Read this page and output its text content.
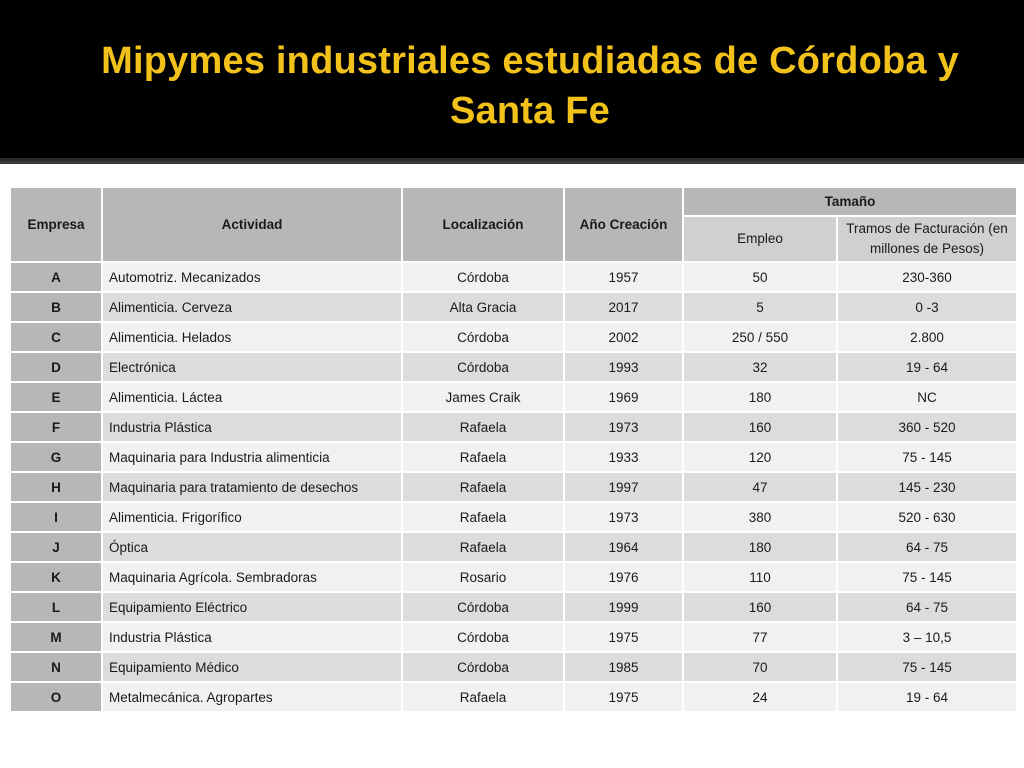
Mipymes industriales estudiadas de Córdoba y Santa Fe
Empresa	Actividad	Localización	Año Creación	Tamaño	
				Empleo	Tramos de Facturación (en millones de Pesos)
A	Automotriz. Mecanizados	Córdoba	1957	50	230-360
B	Alimenticia. Cerveza	Alta Gracia	2017	5	0 -3
C	Alimenticia. Helados	Córdoba	2002	250 / 550	2.800
D	Electrónica	Córdoba	1993	32	19 - 64
E	Alimenticia. Láctea	James Craik	1969	180	NC
F	Industria Plástica	Rafaela	1973	160	360 - 520
G	Maquinaria para Industria alimenticia	Rafaela	1933	120	75 - 145
H	Maquinaria para tratamiento de desechos	Rafaela	1997	47	145 - 230
I	Alimenticia. Frigorífico	Rafaela	1973	380	520 - 630
J	Óptica	Rafaela	1964	180	64 - 75
K	Maquinaria Agrícola. Sembradoras	Rosario	1976	110	75 - 145
L	Equipamiento Eléctrico	Córdoba	1999	160	64 - 75
M	Industria Plástica	Córdoba	1975	77	3 – 10,5
N	Equipamiento Médico	Córdoba	1985	70	75 - 145
O	Metalmecánica. Agropartes	Rafaela	1975	24	19 - 64
